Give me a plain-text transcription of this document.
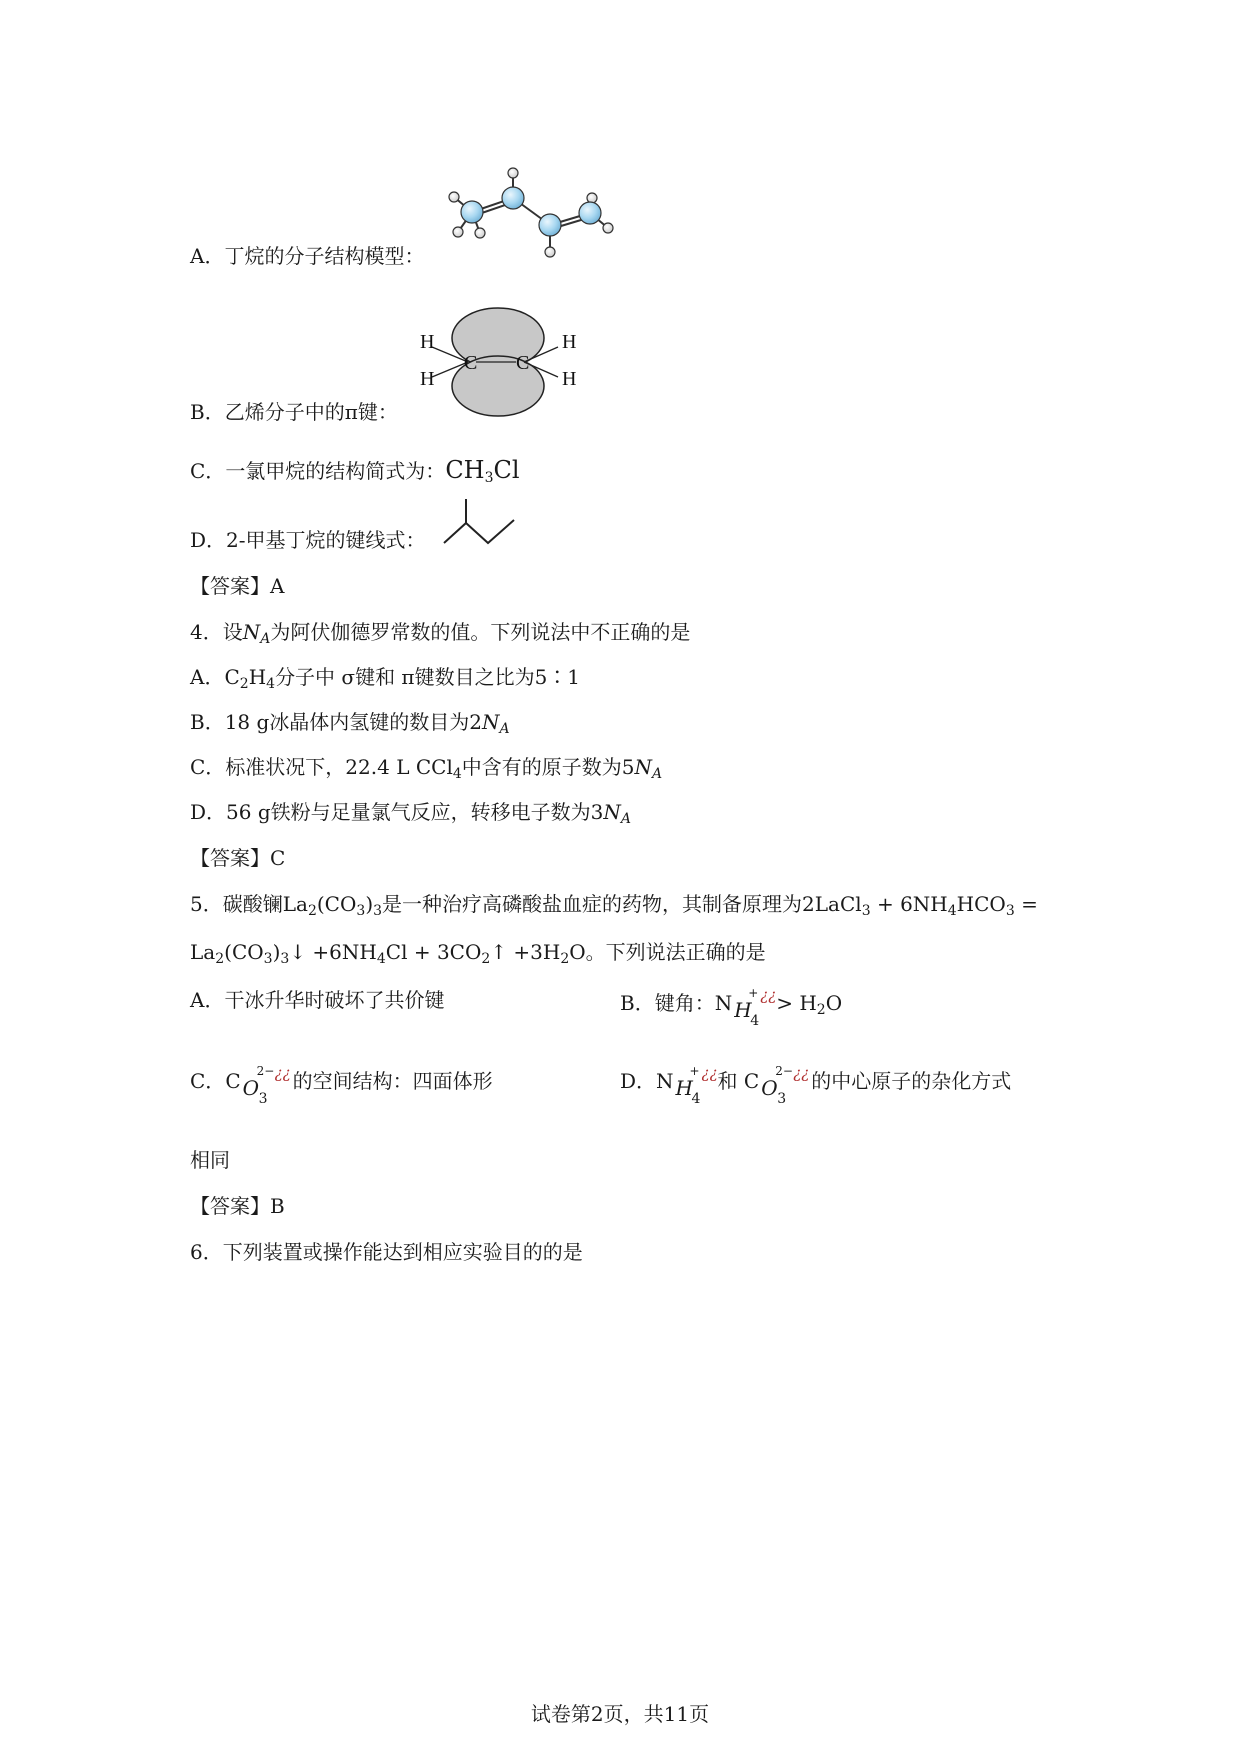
A．丁烷的分子结构模型：
B．乙烯分子中的π键：
H
H
C C
H
H
C．一氯甲烷的结构简式为：$CH_3Cl$
D．2-甲基丁烷的键线式：
【答案】A
4．设$N_A$为阿伏伽德罗常数的值。下列说法中不正确的是
A．$C_2H_4$分子中 σ键和 π键数目之比为5∶1
B．18 g冰晶体内氢键的数目为$2N_A$
C．标准状况下，22.4 L CCl$_4$中含有的原子数为$5N_A$
D．56 g铁粉与足量氯气反应，转移电子数为$3N_A$
【答案】C
5．碳酸镧$La_2(CO_3)_3$是一种治疗高磷酸盐血症的药物，其制备原理为2LaCl$_3$ + $6NH_4HCO_3$ =
$La_2(CO_3)_3↓ +6NH_4Cl$ + $3CO_2↑ +3H_2O$。下列说法正确的是
A．干冰升华时破坏了共价键	B．键角：N H
4
+ ¿¿ > $H_2O$
C．C O 3
2− ¿¿ 的空间结构：四面体形	D．N H
4
+ ¿¿ 和 C O 3
2− ¿¿ 的中心原子的杂化方式
相同
【答案】B
6．下列装置或操作能达到相应实验目的的是
试卷第2页，共11页
